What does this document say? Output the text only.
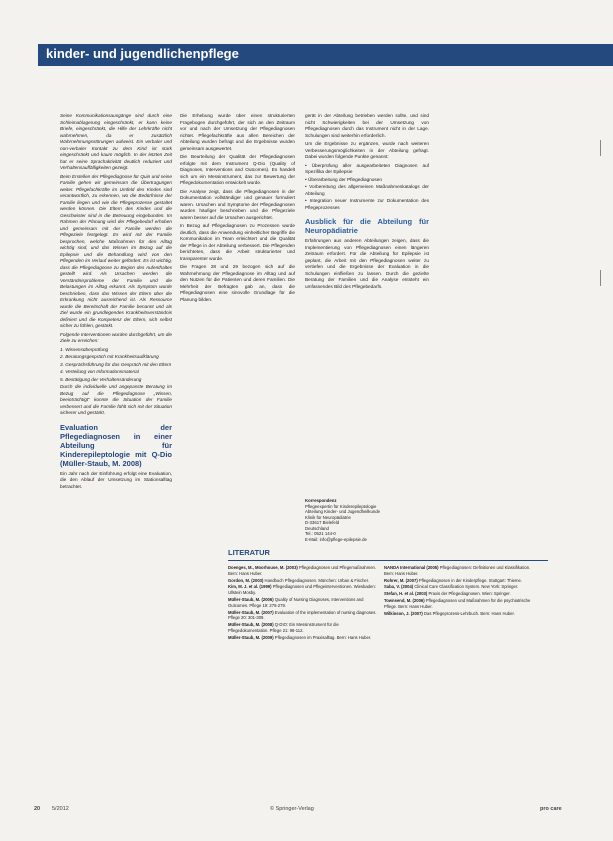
kinder- und jugendlichenpflege

Seine Kommunikationsausgänge sind durch eine Schleimablagerung eingeschränkt, er kann keine Briefe, eingeschränkt, die Hilfe der Lehrkräfte nicht wahrnehmen, da er zusätzlich Wahrnehmungsstörungen aufweist. Ein verbaler und non-verbaler Kontakt zu dem Kind ist stark eingeschränkt und kaum möglich. In der letzten Zeit hat er seine Sprachaktivität deutlich reduziert und Verhaltensauffälligkeiten gezeigt.

Beim Erstellen der Pflegediagnose für Quin und seine Familie gehen wir gemeinsam die Übertragungen weiter. Pflegefachkräfte im Umfeld des Kindes sind verantwortlich, zu erkennen, wo die Bedürfnisse der Familie liegen und wie die Pflegeprozesse gestaltet werden können. Die Eltern des Kindes und die Geschwister sind in die Betreuung eingebunden. Im Rahmen der Planung wird der Pflegebedarf erhoben und gemeinsam mit der Familie werden die Pflegeziele festgelegt. Es wird mit der Familie besprochen, welche Maßnahmen für den Alltag wichtig sind, und das Wissen im Bezug auf die Epilepsie und die Behandlung wird von den Pflegenden im Verlauf weiter gefördert. Es ist wichtig, dass die Pflegediagnose zu Beginn des Aufenthaltes gestellt wird. Als Ursachen werden die Verständnisprobleme der Familie und die Belastungen im Alltag erkannt. Als Symptom wurde beschrieben, dass das Wissen der Eltern über die Erkrankung nicht ausreichend ist. Als Ressource wurde die Bereitschaft der Familie benannt und als Ziel wurde ein grundlegendes Krankheitsverständnis definiert und die Kompetenz der Eltern, sich selbst sicher zu fühlen, gestärkt.

Folgende Interventionen wurden durchgeführt, um die Ziele zu erreichen:

1. Wissensüberprüfung
2. Beratungsgespräch mit Krankheitsaufklärung
3. Gesprächsführung für das Gespräch mit den Eltern
4. Verteilung von Informationsmaterial
5. Bestätigung der Verhaltensänderung

Durch die individuelle und angepasste Beratung im Bezug auf die Pflegediagnose „Wissen, beeinträchtigt“ konnte die Situation der Familie verbessert und die Familie fühlt sich mit der Situation sicherer und gestärkt.

Evaluation der Pflegediagnosen in einer Abteilung für Kinderepileptologie mit Q-Dio (Müller-Staub, M. 2008)

Ein Jahr nach der Einführung erfolgt eine Evaluation, die den Ablauf der Umsetzung im Stationsalltag betrachtet.

Die Erhebung wurde über einen strukturierten Fragebogen durchgeführt, der sich an den Zeitraum vor und nach der Umsetzung der Pflegediagnosen richtet. Pflegefachkräfte aus allen Bereichen der Abteilung wurden befragt und die Ergebnisse wurden gemeinsam ausgewertet.

Die Beurteilung der Qualität der Pflegediagnosen erfolgte mit dem Instrument Q-Dio (Quality of Diagnoses, Interventions and Outcomes). Es handelt sich um ein Messinstrument, das zur Bewertung der Pflegedokumentation entwickelt wurde.

Die Analyse zeigt, dass die Pflegediagnosen in der Dokumentation vollständiger und genauer formuliert waren. Ursachen und Symptome der Pflegediagnosen wurden häufiger beschrieben und die Pflegeziele waren besser auf die Ursachen ausgerichtet.

In Bezug auf Pflegediagnosen zu Prozessen wurde deutlich, dass die Anwendung einheitlicher Begriffe die Kommunikation im Team erleichtert und die Qualität der Pflege in der Abteilung verbessert. Die Pflegenden berichteten, dass die Arbeit strukturierter und transparenter wurde.

Die Fragen 28 und 29 bezogen sich auf die Wahrnehmung der Pflegediagnose im Alltag und auf den Nutzen für die Patienten und deren Familien. Die Mehrheit der Befragten gab an, dass die Pflegediagnosen eine sinnvolle Grundlage für die Planung bilden.

gerät in der Abteilung betrieben werden sollte, und sind nicht Schwierigkeiten bei der Umsetzung von Pflegediagnosen durch das Instrument nicht in der Lage. Schulungen sind weiterhin erforderlich.

Um die Ergebnisse zu ergänzen, wurde nach weiteren Verbesserungsmöglichkeiten in der Abteilung gefragt. Dabei wurden folgende Punkte genannt:

• Überprüfung aller ausgearbeiteten Diagnosen auf Spezifika der Epilepsie
• Überarbeitung der Pflegediagnosen
• Vorbereitung des allgemeinen Maßnahmenkatalogs der Abteilung
• Integration neuer Instrumente zur Dokumentation des Pflegeprozesses
Ausblick für die Abteilung für Neuropädiatrie

Erfahrungen aus anderen Abteilungen zeigen, dass die Implementierung von Pflegediagnosen einen längeren Zeitraum erfordert. Für die Abteilung für Epilepsie ist geplant, die Arbeit mit den Pflegediagnosen weiter zu vertiefen und die Ergebnisse der Evaluation in die Schulungen einfließen zu lassen. Durch die gezielte Beratung der Familien und die Analyse entsteht ein umfassendes Bild des Pflegebedarfs.

Korrespondenz
Pflegeexpertin für Kinderepileptologie
Abteilung Kinder- und Jugendheilkunde
Klinik für Neuropädiatrie
D-33617 Bielefeld
Deutschland
Tel.: 0521 144-0
E-Mail: info@pflege-epilepsie.de
LITERATUR
Doenges, M., Moorhouse, M. (2003) Pflegediagnosen und Pflegemaßnahmen. Bern: Hans Huber.
Gordon, M. (2003) Handbuch Pflegediagnosen. München: Urban & Fischer.
Kim, M. J. et al. (1999) Pflegediagnosen und Pflegeinterventionen. Wiesbaden: Ullstein Mosby.
Müller-Staub, M. (2006) Quality of Nursing Diagnoses, Interventions and Outcomes. Pflege 19: 275-279.
Müller-Staub, M. (2007) Evaluation of the implementation of nursing diagnoses. Pflege 20: 301-309.
Müller-Staub, M. (2008) Q-DIO: Ein Messinstrument für die Pflegedokumentation. Pflege 21: 98-112.
Müller-Staub, M. (2009) Pflegediagnosen im Praxisalltag. Bern: Hans Huber.
NANDA International (2005) Pflegediagnosen: Definitionen und Klassifikation. Bern: Hans Huber.
Rohrer, M. (2007) Pflegediagnosen in der Kinderpflege. Stuttgart: Thieme.
Saba, V. (2004) Clinical Care Classification System. New York: Springer.
Stefan, H. et al. (2003) Praxis der Pflegediagnosen. Wien: Springer.
Townsend, M. (2006) Pflegediagnosen und Maßnahmen für die psychiatrische Pflege. Bern: Hans Huber.
Wilkinson, J. (2007) Das Pflegeprozess-Lehrbuch. Bern: Hans Huber.
20 5/2012	© Springer-Verlag	pro care
